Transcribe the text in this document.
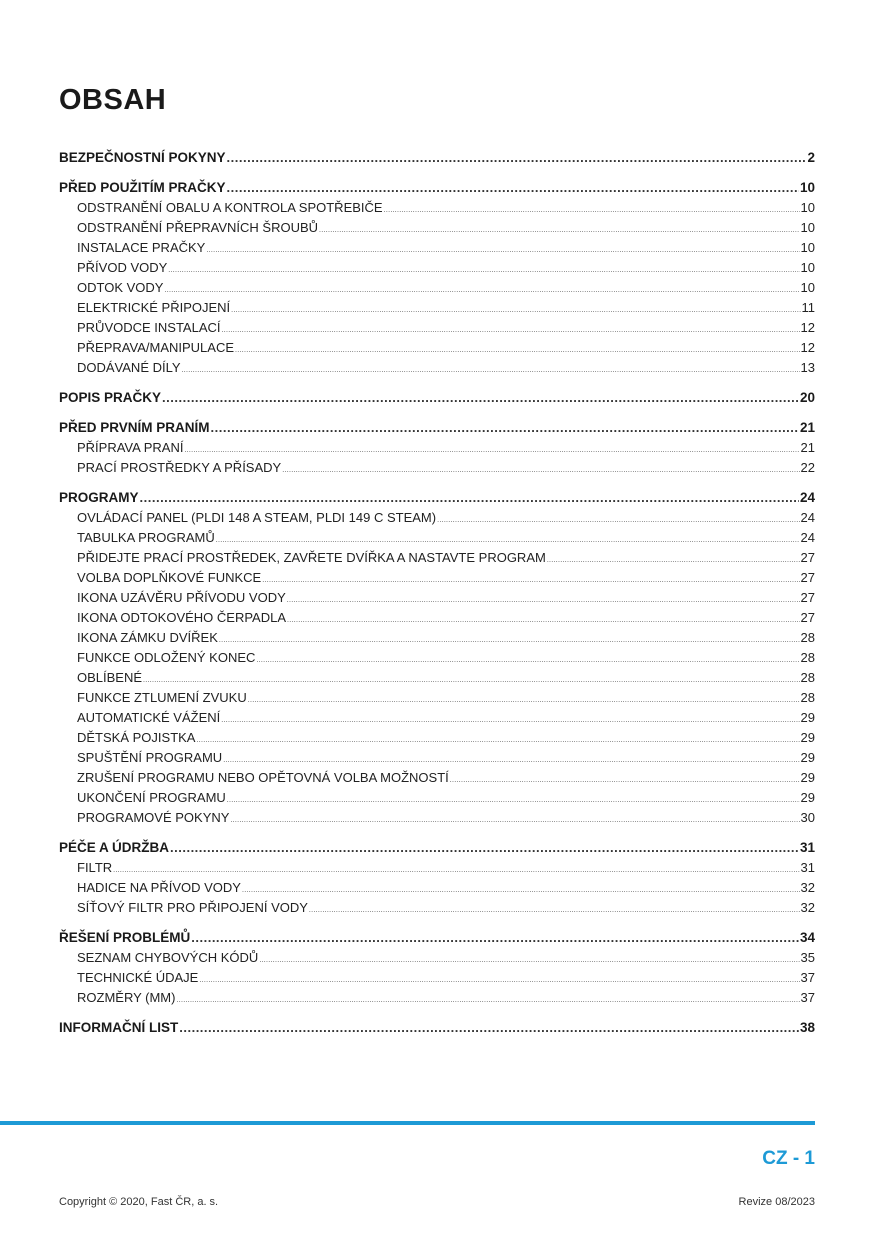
OBSAH
BEZPEČNOSTNÍ POKYNY .....	2
PŘED POUŽITÍM PRAČKY .....	10
ODSTRANĚNÍ OBALU A KONTROLA SPOTŘEBIČE .....	10
ODSTRANĚNÍ PŘEPRAVNÍCH ŠROUBŮ .....	10
INSTALACE PRAČKY .....	10
PŘÍVOD VODY .....	10
ODTOK VODY .....	10
ELEKTRICKÉ PŘIPOJENÍ .....	11
PRŮVODCE INSTALACÍ .....	12
PŘEPRAVA/MANIPULACE .....	12
DODÁVANÉ DÍLY .....	13
POPIS PRAČKY .....	20
PŘED PRVNÍM PRANÍM .....	21
PŘÍPRAVA PRANÍ .....	21
PRACÍ PROSTŘEDKY A PŘÍSADY .....	22
PROGRAMY .....	24
OVLÁDACÍ PANEL (PLDI 148 A STEAM, PLDI 149 C STEAM) .....	24
TABULKA PROGRAMŮ .....	24
PŘIDEJTE PRACÍ PROSTŘEDEK, ZAVŘETE DVÍŘKA A NASTAVTE PROGRAM .....	27
VOLBA DOPLŇKOVÉ FUNKCE .....	27
IKONA UZÁVĚRU PŘÍVODU VODY .....	27
IKONA ODTOKOVÉHO ČERPADLA .....	27
IKONA ZÁMKU DVÍŘEK .....	28
FUNKCE ODLOŽENÝ KONEC .....	28
OBLÍBENÉ .....	28
FUNKCE ZTLUMENÍ ZVUKU .....	28
AUTOMATICKÉ VÁŽENÍ .....	29
DĚTSKÁ POJISTKA .....	29
SPUŠTĚNÍ PROGRAMU .....	29
ZRUŠENÍ PROGRAMU NEBO OPĚTOVNÁ VOLBA MOŽNOSTÍ .....	29
UKONČENÍ PROGRAMU .....	29
PROGRAMOVÉ POKYNY .....	30
PÉČE A ÚDRŽBA .....	31
FILTR .....	31
HADICE NA PŘÍVOD VODY .....	32
SÍŤOVÝ FILTR PRO PŘIPOJENÍ VODY .....	32
ŘEŠENÍ PROBLÉMŮ .....	34
SEZNAM CHYBOVÝCH KÓDŮ .....	35
TECHNICKÉ ÚDAJE .....	37
ROZMĚRY (MM) .....	37
INFORMAČNÍ LIST .....	38
CZ - 1
Copyright © 2020, Fast ČR, a. s.	Revize 08/2023
